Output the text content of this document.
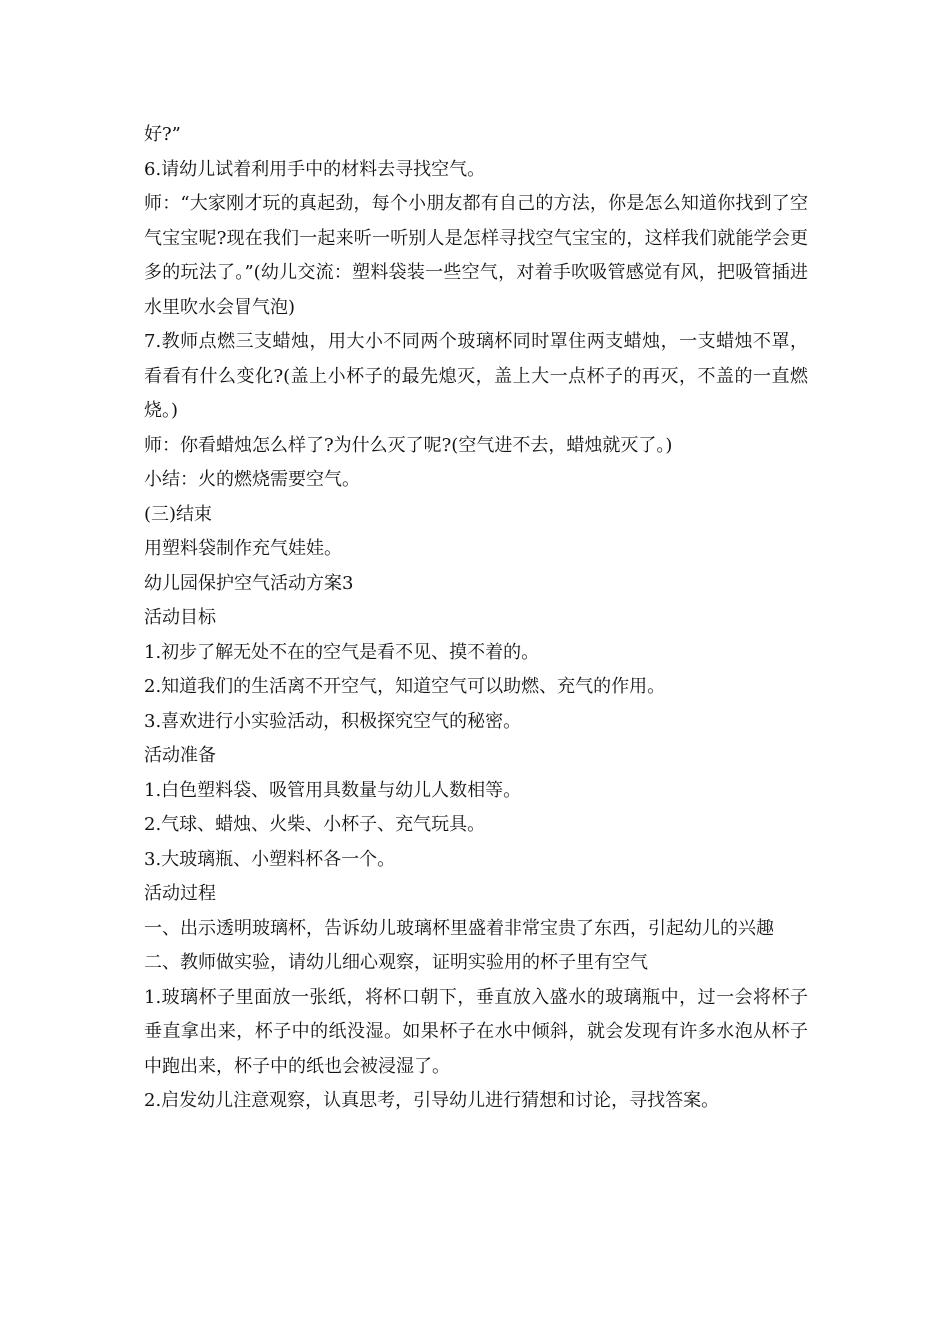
好?”

6.请幼儿试着利用手中的材料去寻找空气。

师：“大家刚才玩的真起劲，每个小朋友都有自己的方法，你是怎么知道你找到了空气宝宝呢?现在我们一起来听一听别人是怎样寻找空气宝宝的，这样我们就能学会更多的玩法了。”(幼儿交流：塑料袋装一些空气，对着手吹吸管感觉有风，把吸管插进水里吹水会冒气泡)

7.教师点燃三支蜡烛，用大小不同两个玻璃杯同时罩住两支蜡烛，一支蜡烛不罩，看看有什么变化?(盖上小杯子的最先熄灭，盖上大一点杯子的再灭，不盖的一直燃烧。)

师：你看蜡烛怎么样了?为什么灭了呢?(空气进不去，蜡烛就灭了。)

小结：火的燃烧需要空气。

(三)结束

用塑料袋制作充气娃娃。

幼儿园保护空气活动方案3

活动目标

1.初步了解无处不在的空气是看不见、摸不着的。

2.知道我们的生活离不开空气，知道空气可以助燃、充气的作用。

3.喜欢进行小实验活动，积极探究空气的秘密。

活动准备

1.白色塑料袋、吸管用具数量与幼儿人数相等。

2.气球、蜡烛、火柴、小杯子、充气玩具。

3.大玻璃瓶、小塑料杯各一个。

活动过程

一、出示透明玻璃杯，告诉幼儿玻璃杯里盛着非常宝贵了东西，引起幼儿的兴趣

二、教师做实验，请幼儿细心观察，证明实验用的杯子里有空气

1.玻璃杯子里面放一张纸，将杯口朝下，垂直放入盛水的玻璃瓶中，过一会将杯子垂直拿出来，杯子中的纸没湿。如果杯子在水中倾斜，就会发现有许多水泡从杯子中跑出来，杯子中的纸也会被浸湿了。

2.启发幼儿注意观察，认真思考，引导幼儿进行猜想和讨论，寻找答案。
